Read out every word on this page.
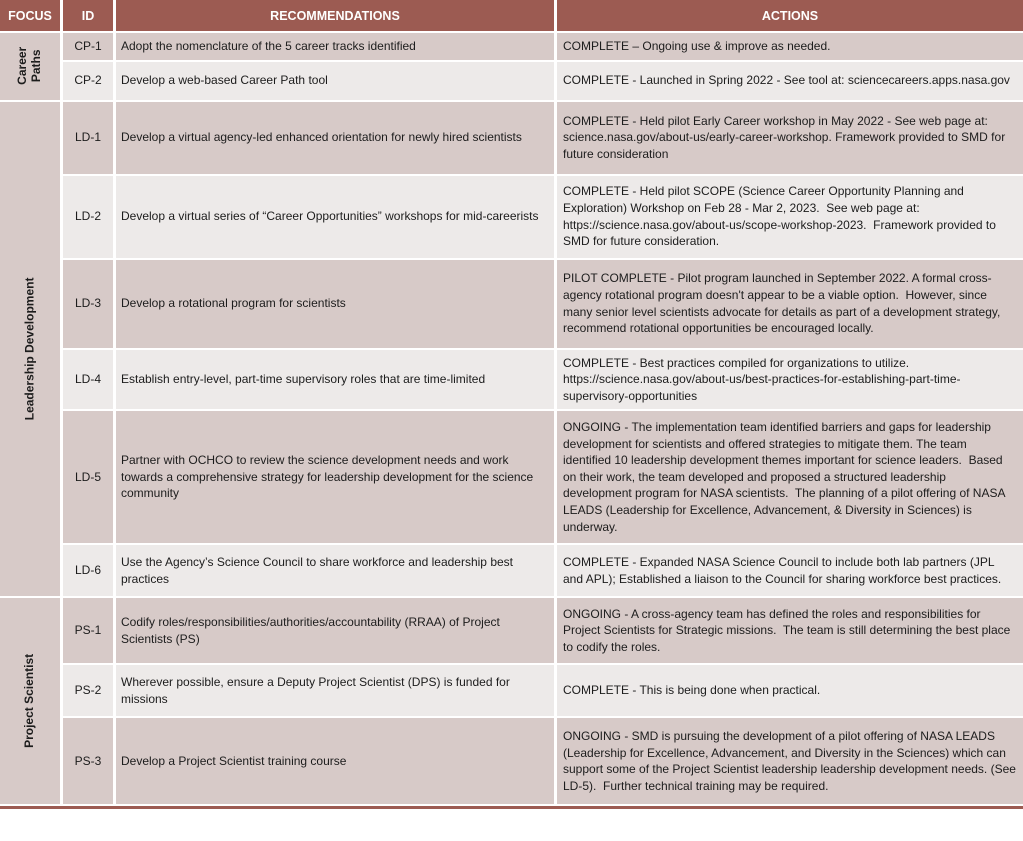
FOCUS	ID	RECOMMENDATIONS	ACTIONS

Career Paths	CP-1	Adopt the nomenclature of the 5 career tracks identified	COMPLETE – Ongoing use & improve as needed.
	CP-2	Develop a web-based Career Path tool	COMPLETE - Launched in Spring 2022 - See tool at: sciencecareers.apps.nasa.gov

Leadership Development	LD-1	Develop a virtual agency-led enhanced orientation for newly hired scientists	COMPLETE - Held pilot Early Career workshop in May 2022 - See web page at: science.nasa.gov/about-us/early-career-workshop. Framework provided to SMD for future consideration
	LD-2	Develop a virtual series of “Career Opportunities” workshops for mid-careerists	COMPLETE - Held pilot SCOPE (Science Career Opportunity Planning and Exploration) Workshop on Feb 28 - Mar 2, 2023.  See web page at: https://science.nasa.gov/about-us/scope-workshop-2023.  Framework provided to SMD for future consideration.
	LD-3	Develop a rotational program for scientists	PILOT COMPLETE - Pilot program launched in September 2022. A formal cross-agency rotational program doesn't appear to be a viable option.  However, since many senior level scientists advocate for details as part of a development strategy, recommend rotational opportunities be encouraged locally.
	LD-4	Establish entry-level, part-time supervisory roles that are time-limited	COMPLETE - Best practices compiled for organizations to utilize. https://science.nasa.gov/about-us/best-practices-for-establishing-part-time-supervisory-opportunities
	LD-5	Partner with OCHCO to review the science development needs and work towards a comprehensive strategy for leadership development for the science community	ONGOING - The implementation team identified barriers and gaps for leadership development for scientists and offered strategies to mitigate them. The team identified 10 leadership development themes important for science leaders.  Based on their work, the team developed and proposed a structured leadership development program for NASA scientists.  The planning of a pilot offering of NASA LEADS (Leadership for Excellence, Advancement, & Diversity in Sciences) is underway.
	LD-6	Use the Agency’s Science Council to share workforce and leadership best practices	COMPLETE - Expanded NASA Science Council to include both lab partners (JPL and APL); Established a liaison to the Council for sharing workforce best practices.

Project Scientist	PS-1	Codify roles/responsibilities/authorities/accountability (RRAA) of Project Scientists (PS)	ONGOING - A cross-agency team has defined the roles and responsibilities for Project Scientists for Strategic missions.  The team is still determining the best place to codify the roles.
	PS-2	Wherever possible, ensure a Deputy Project Scientist (DPS) is funded for missions	COMPLETE - This is being done when practical.
	PS-3	Develop a Project Scientist training course	ONGOING - SMD is pursuing the development of a pilot offering of NASA LEADS (Leadership for Excellence, Advancement, and Diversity in the Sciences) which can support some of the Project Scientist leadership leadership development needs. (See LD-5).  Further technical training may be required.
